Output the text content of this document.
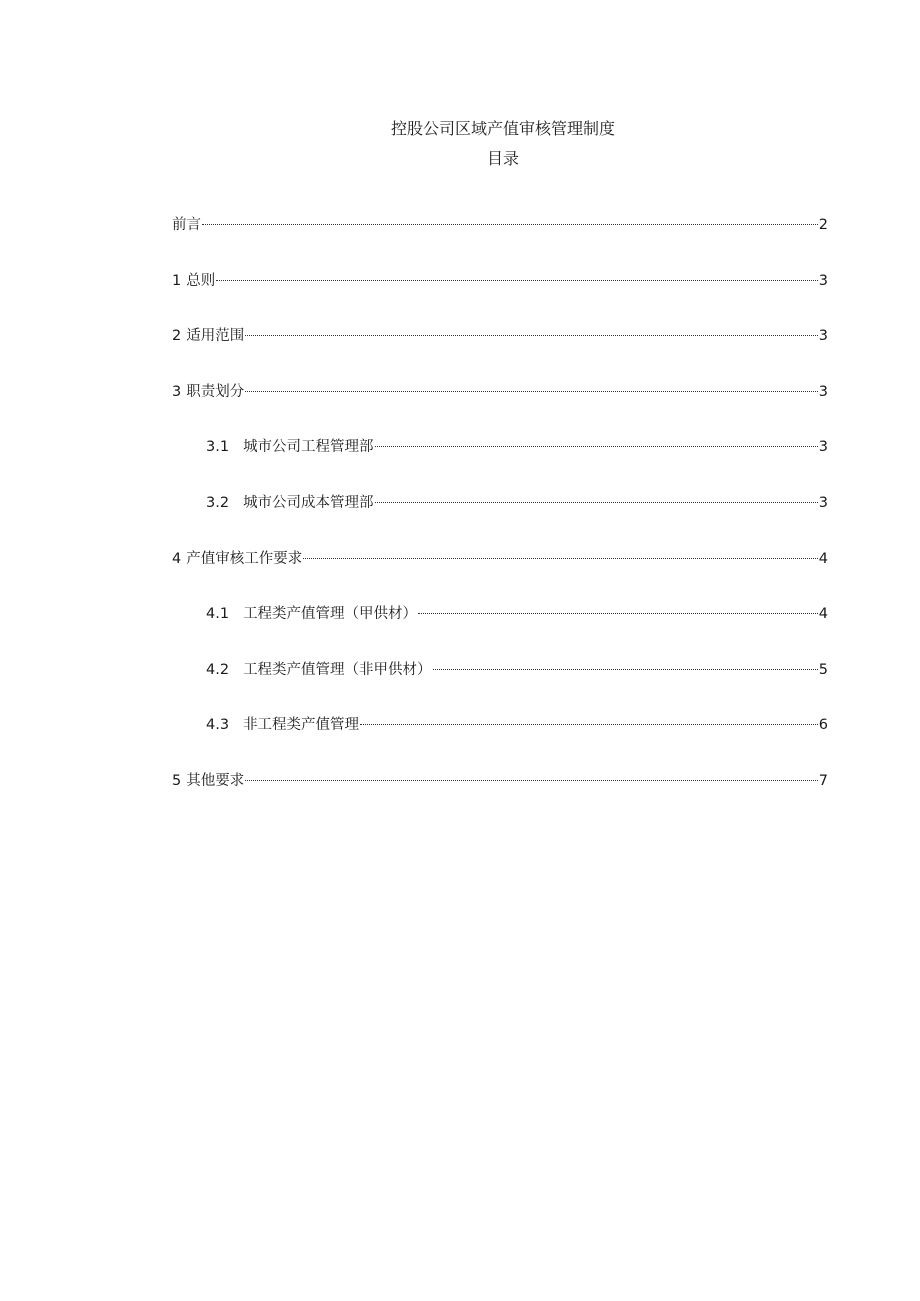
控股公司区域产值审核管理制度
目录
前言	2
1 总则	3
2 适用范围	3
3 职责划分	3
3.1 城市公司工程管理部	3
3.2 城市公司成本管理部	3
4 产值审核工作要求	4
4.1 工程类产值管理（甲供材）	4
4.2 工程类产值管理（非甲供材）	5
4.3 非工程类产值管理	6
5 其他要求	7
